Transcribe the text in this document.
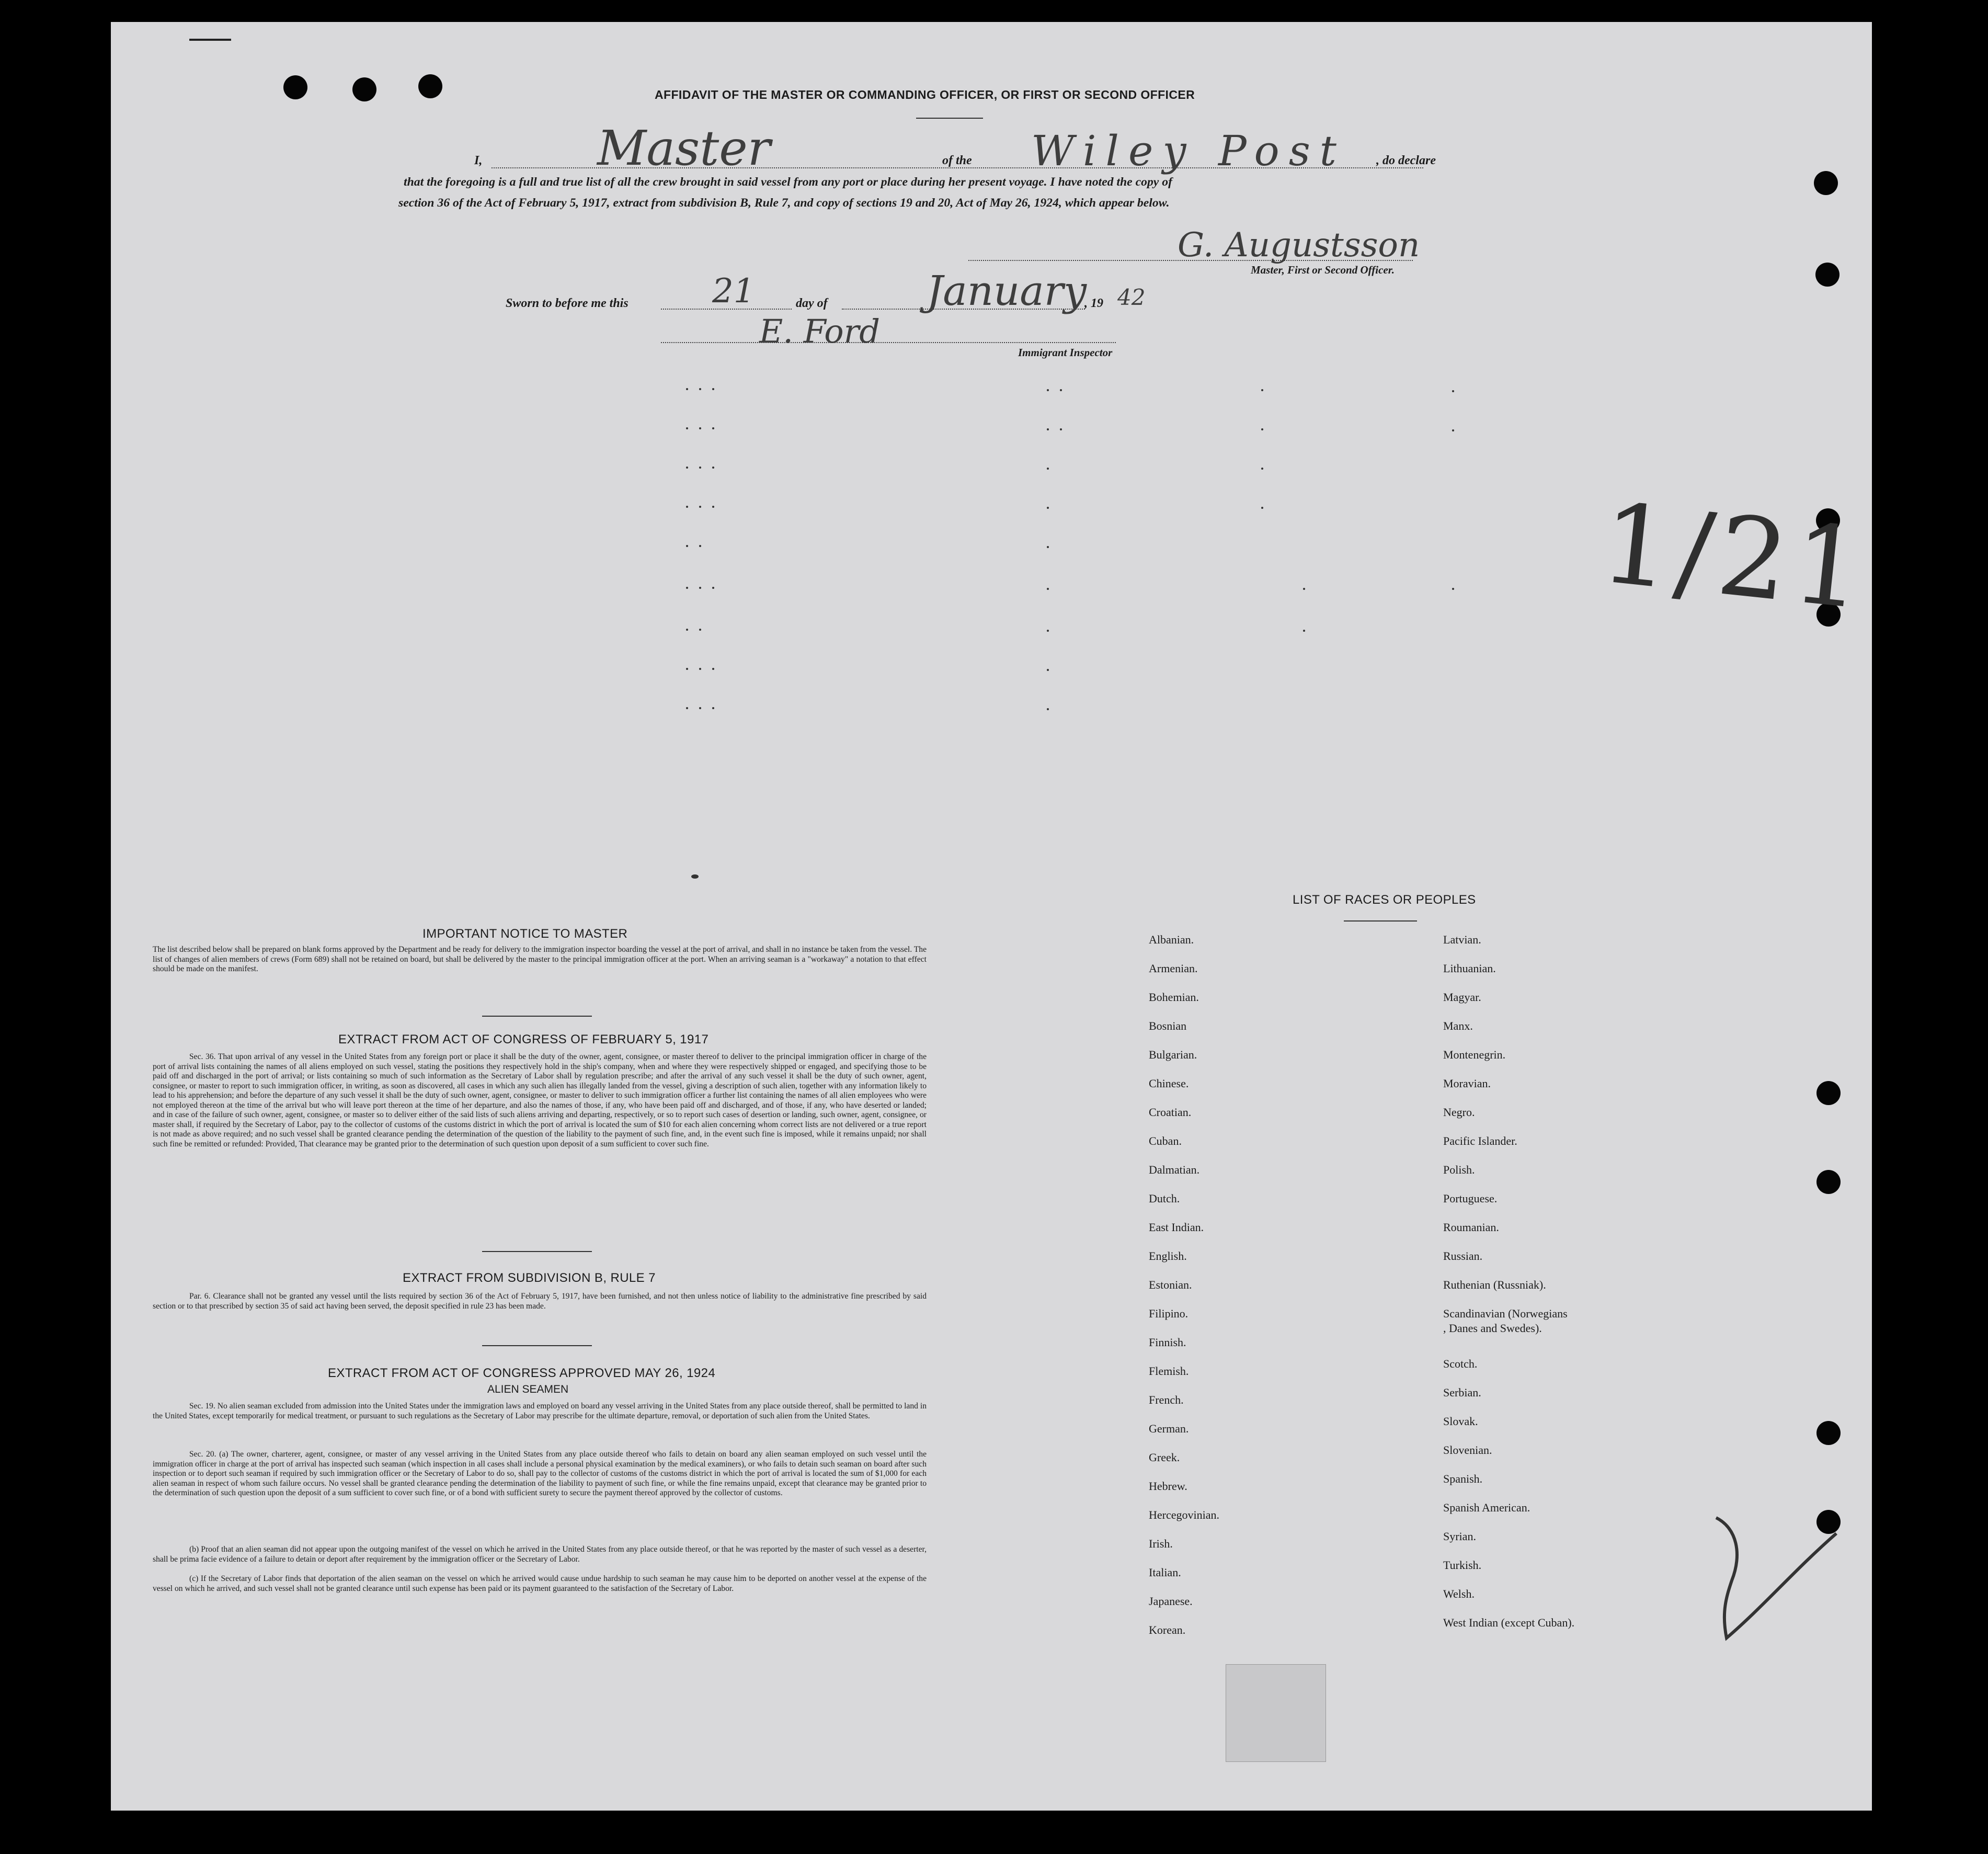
AFFIDAVIT OF THE MASTER OR COMMANDING OFFICER, OR FIRST OR SECOND OFFICER
I, Master	of the Wiley Post , do declare
that the foregoing is a full and true list of all the crew brought in said vessel from any port or place during her present voyage. I have noted the copy of
section 36 of the Act of February 5, 1917, extract from subdivision B, Rule 7, and copy of sections 19 and 20, Act of May 26, 1924, which appear below.
G. Augustsson
Master, First or Second Officer.
Sworn to before me this	21	day of January
, 19 42
E. Ford
Immigrant Inspector
1/21
IMPORTANT NOTICE TO MASTER
The list described below shall be prepared on blank forms approved by the Department and be ready for delivery to the immigration inspector boarding the vessel at the port of arrival, and shall in no instance be taken from the vessel. The list of changes of alien members of crews (Form 689) shall not be retained on board, but shall be delivered by the master to the principal immigration officer at the port. When an arriving seaman is a "workaway" a notation to that effect should be made on the manifest.
EXTRACT FROM ACT OF CONGRESS OF FEBRUARY 5, 1917
Sec. 36. That upon arrival of any vessel in the United States from any foreign port or place it shall be the duty of the owner, agent, consignee, or master thereof to deliver to the principal immigration officer in charge of the port of arrival lists containing the names of all aliens employed on such vessel, stating the positions they respectively hold in the ship's company, when and where they were respectively shipped or engaged, and specifying those to be paid off and discharged in the port of arrival; or lists containing so much of such information as the Secretary of Labor shall by regulation prescribe; and after the arrival of any such vessel it shall be the duty of such owner, agent, consignee, or master to report to such immigration officer, in writing, as soon as discovered, all cases in which any such alien has illegally landed from the vessel, giving a description of such alien, together with any information likely to lead to his apprehension; and before the departure of any such vessel it shall be the duty of such owner, agent, consignee, or master to deliver to such immigration officer a further list containing the names of all alien employees who were not employed thereon at the time of the arrival but who will leave port thereon at the time of her departure, and also the names of those, if any, who have been paid off and discharged, and of those, if any, who have deserted or landed; and in case of the failure of such owner, agent, consignee, or master so to deliver either of the said lists of such aliens arriving and departing, respectively, or so to report such cases of desertion or landing, such owner, agent, consignee, or master shall, if required by the Secretary of Labor, pay to the collector of customs of the customs district in which the port of arrival is located the sum of $10 for each alien concerning whom correct lists are not delivered or a true report is not made as above required; and no such vessel shall be granted clearance pending the determination of the question of the liability to the payment of such fine, and, in the event such fine is imposed, while it remains unpaid; nor shall such fine be remitted or refunded: Provided, That clearance may be granted prior to the determination of such question upon deposit of a sum sufficient to cover such fine.
EXTRACT FROM SUBDIVISION B, RULE 7
Par. 6. Clearance shall not be granted any vessel until the lists required by section 36 of the Act of February 5, 1917, have been furnished, and not then unless notice of liability to the administrative fine prescribed by said section or to that prescribed by section 35 of said act having been served, the deposit specified in rule 23 has been made.
EXTRACT FROM ACT OF CONGRESS APPROVED MAY 26, 1924
ALIEN SEAMEN
Sec. 19. No alien seaman excluded from admission into the United States under the immigration laws and employed on board any vessel arriving in the United States from any place outside thereof, shall be permitted to land in the United States, except temporarily for medical treatment, or pursuant to such regulations as the Secretary of Labor may prescribe for the ultimate departure, removal, or deportation of such alien from the United States.
Sec. 20. (a) The owner, charterer, agent, consignee, or master of any vessel arriving in the United States from any place outside thereof who fails to detain on board any alien seaman employed on such vessel until the immigration officer in charge at the port of arrival has inspected such seaman (which inspection in all cases shall include a personal physical examination by the medical examiners), or who fails to detain such seaman on board after such inspection or to deport such seaman if required by such immigration officer or the Secretary of Labor to do so, shall pay to the collector of customs of the customs district in which the port of arrival is located the sum of $1,000 for each alien seaman in respect of whom such failure occurs. No vessel shall be granted clearance pending the determination of the liability to payment of such fine, or while the fine remains unpaid, except that clearance may be granted prior to the determination of such question upon the deposit of a sum sufficient to cover such fine, or of a bond with sufficient surety to secure the payment thereof approved by the collector of customs.
(b) Proof that an alien seaman did not appear upon the outgoing manifest of the vessel on which he arrived in the United States from any place outside thereof, or that he was reported by the master of such vessel as a deserter, shall be prima facie evidence of a failure to detain or deport after requirement by the immigration officer or the Secretary of Labor.
(c) If the Secretary of Labor finds that deportation of the alien seaman on the vessel on which he arrived would cause undue hardship to such seaman he may cause him to be deported on another vessel at the expense of the vessel on which he arrived, and such vessel shall not be granted clearance until such expense has been paid or its payment guaranteed to the satisfaction of the Secretary of Labor.
LIST OF RACES OR PEOPLES
Albanian.
Armenian.
Bohemian.
Bosnian
Bulgarian.
Chinese.
Croatian.
Cuban.
Dalmatian.
Dutch.
East Indian.
English.
Estonian.
Filipino.
Finnish.
Flemish.
French.
German.
Greek.
Hebrew.
Hercegovinian.
Irish.
Italian.
Japanese.
Korean.
Latvian.
Lithuanian.
Magyar.
Manx.
Montenegrin.
Moravian.
Negro.
Pacific Islander.
Polish.
Portuguese.
Roumanian.
Russian.
Ruthenian (Russniak).
Scandinavian (Norwegians
, Danes and Swedes).
Scotch.
Serbian.
Slovak.
Slovenian.
Spanish.
Spanish American.
Syrian.
Turkish.
Welsh.
West Indian (except Cuban).
